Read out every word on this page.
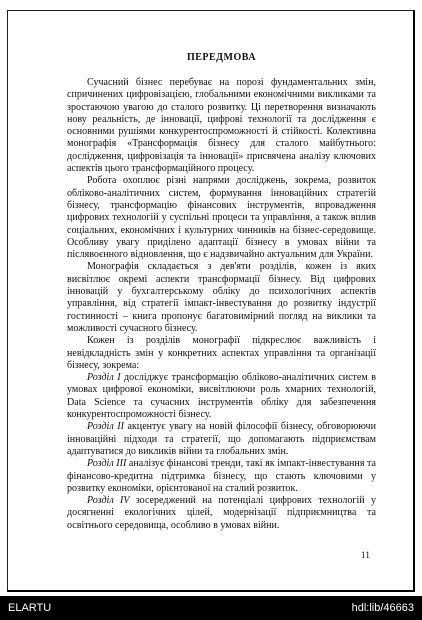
ПЕРЕДМОВА

Сучасний бізнес перебуває на порозі фундаментальних змін, спричинених цифровізацією, глобальними економічними викликами та зростаючою увагою до сталого розвитку. Ці перетворення визначають нову реальність, де інновації, цифрові технології та дослідження є основними рушіями конкурентоспроможності й стійкості. Колективна монографія «Трансформація бізнесу для сталого майбутнього: дослідження, цифровізація та інновації» присвячена аналізу ключових аспектів цього трансформаційного процесу.

Робота охоплює різні напрями досліджень, зокрема, розвиток обліково-аналітичних систем, формування інноваційних стратегій бізнесу, трансформацію фінансових інструментів, впровадження цифрових технологій у суспільні процеси та управління, а також вплив соціальних, економічних і культурних чинників на бізнес-середовище. Особливу увагу приділено адаптації бізнесу в умовах війни та післявоєнного відновлення, що є надзвичайно актуальним для України.

Монографія складається з дев'яти розділів, кожен із яких висвітлює окремі аспекти трансформації бізнесу. Від цифрових інновацій у бухгалтерському обліку до психологічних аспектів управління, від стратегії імпакт-інвестування до розвитку індустрії гостинності – книга пропонує багатовимірний погляд на виклики та можливості сучасного бізнесу.

Кожен із розділів монографії підкреслює важливість і невідкладність змін у конкретних аспектах управління та організації бізнесу, зокрема:

Розділ I досліджує трансформацію обліково-аналітичних систем в умовах цифрової економіки, висвітлюючи роль хмарних технологій, Data Science та сучасних інструментів обліку для забезпечення конкурентоспроможності бізнесу.

Розділ II акцентує увагу на новій філософії бізнесу, обговорюючи інноваційні підходи та стратегії, що допомагають підприємствам адаптуватися до викликів війни та глобальних змін.

Розділ III аналізує фінансові тренди, такі як імпакт-інвестування та фінансово-кредитна підтримка бізнесу, що стають ключовими у розвитку економіки, орієнтованої на сталий розвиток.

Розділ IV зосереджений на потенціалі цифрових технологій у досягненні екологічних цілей, модернізації підприємництва та освітнього середовища, особливо в умовах війни.

11
ELARTU	hdl:lib/46663
